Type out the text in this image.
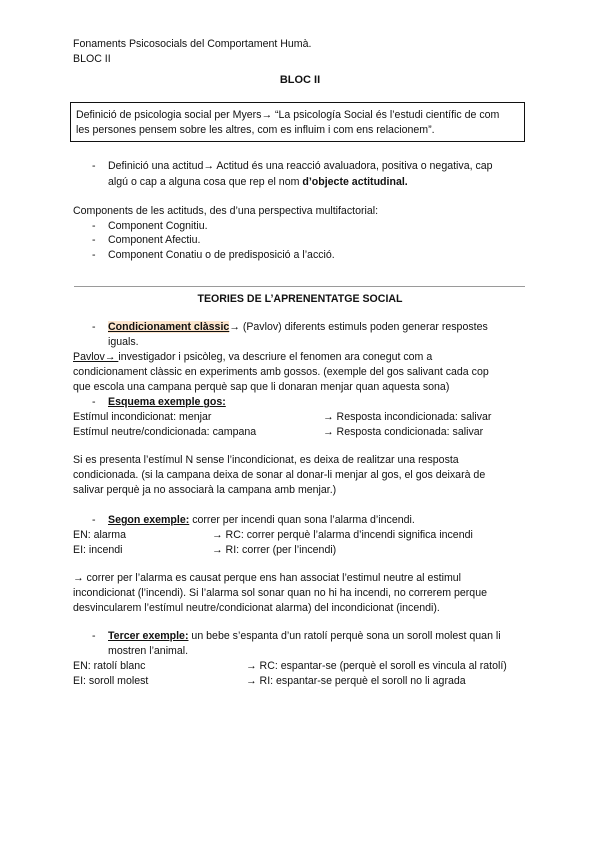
Fonaments Psicosocials del Comportament Humà.
BLOC II
BLOC II
Definició de psicologia social per Myers→ “La psicología Social és l’estudi científic de com
les persones pensem sobre les altres, com es influim i com ens relacionem”.
- Definició una actitud→ Actitud és una reacció avaluadora, positiva o negativa, cap
algú o cap a alguna cosa que rep el nom d’objecte actitudinal.
Components de les actituds, des d’una perspectiva multifactorial:
- Component Cognitiu.
- Component Afectiu.
- Component Conatiu o de predisposició a l’acció.
TEORIES DE L’APRENENTATGE SOCIAL
- Condicionament clàssic→ (Pavlov) diferents estimuls poden generar respostes
iguals.
Pavlov→ investigador i psicòleg, va descriure el fenomen ara conegut com a
condicionament clàssic en experiments amb gossos. (exemple del gos salivant cada cop
que escola una campana perquè sap que li donaran menjar quan aquesta sona)
- Esquema exemple gos:
Estímul incondicionat: menjar	→ Resposta incondicionada: salivar
Estímul neutre/condicionada: campana	→ Resposta condicionada: salivar
Si es presenta l’estímul N sense l’incondicionat, es deixa de realitzar una resposta
condicionada. (si la campana deixa de sonar al donar-li menjar al gos, el gos deixarà de
salivar perquè ja no associarà la campana amb menjar.)
- Segon exemple: correr per incendi quan sona l’alarma d’incendi.
EN: alarma	→ RC: correr perquè l’alarma d’incendi significa incendi
EI: incendi	→ RI: correr (per l’incendi)
→ correr per l’alarma es causat perque ens han associat l’estimul neutre al estimul
incondicionat (l’incendi). Si l’alarma sol sonar quan no hi ha incendi, no correrem perque
desvincularem l’estímul neutre/condicionat alarma) del incondicionat (incendi).
- Tercer exemple: un bebe s’espanta d’un ratolí perquè sona un soroll molest quan li
mostren l’animal.
EN: ratolí blanc	→ RC: espantar-se (perquè el soroll es vincula al ratolí)
EI: soroll molest	→ RI: espantar-se perquè el soroll no li agrada
